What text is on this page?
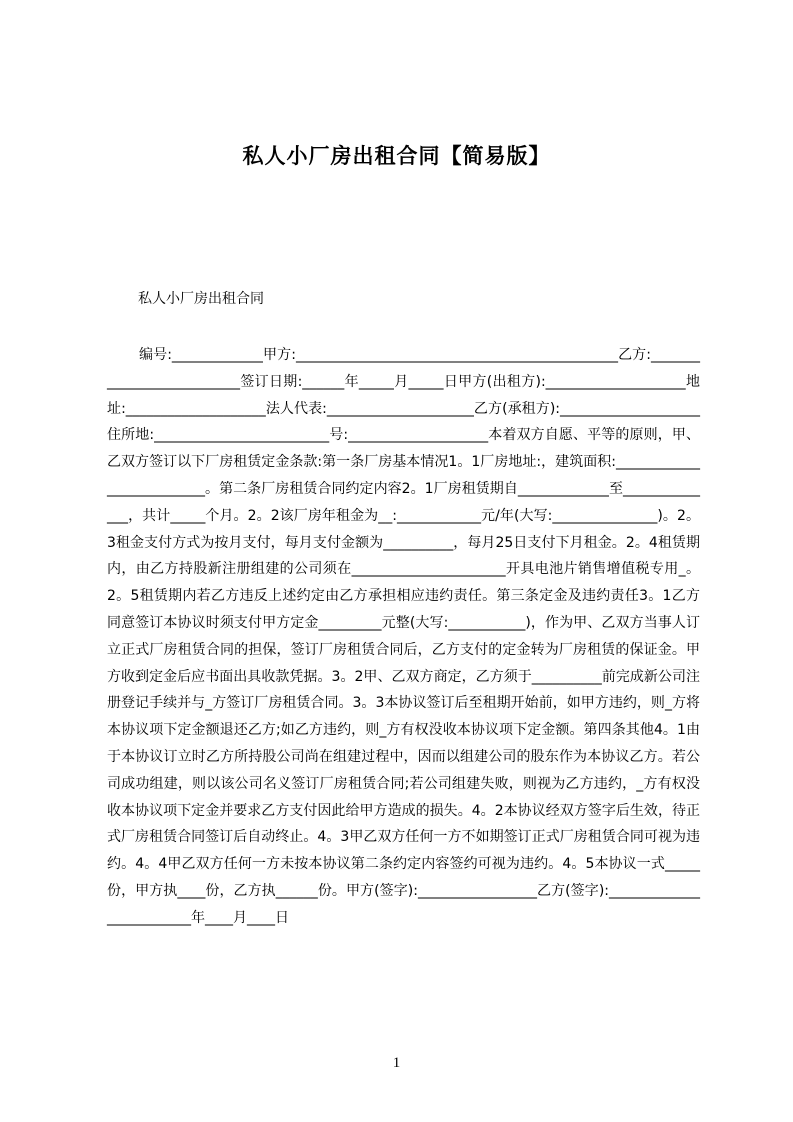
私人小厂房出租合同【简易版】
私人小厂房出租合同
编号:_____________甲方:______________________________________________乙方:__________________________签订日期:______年_____月_____日甲方(出租方):____________________地址:____________________法人代表:_____________________乙方(承租方):____________________住所地:_________________________号:____________________本着双方自愿、平等的原则，甲、乙双方签订以下厂房租赁定金条款:第一条厂房基本情况1。1厂房地址:，建筑面积:__________________________。第二条厂房租赁合同约定内容2。1厂房租赁期自_____________至______________，共计_____个月。2。2该厂房年租金为__:____________元/年(大写:_______________)。2。3租金支付方式为按月支付，每月支付金额为__________，每月25日支付下月租金。2。4租赁期内，由乙方持股新注册组建的公司须在______________________开具电池片销售增值税专用_。2。5租赁期内若乙方违反上述约定由乙方承担相应违约责任。第三条定金及违约责任3。1乙方同意签订本协议时须支付甲方定金_________元整(大写:___________)，作为甲、乙双方当事人订立正式厂房租赁合同的担保，签订厂房租赁合同后，乙方支付的定金转为厂房租赁的保证金。甲方收到定金后应书面出具收款凭据。3。2甲、乙双方商定，乙方须于__________前完成新公司注册登记手续并与_方签订厂房租赁合同。3。3本协议签订后至租期开始前，如甲方违约，则_方将本协议项下定金额退还乙方;如乙方违约，则_方有权没收本协议项下定金额。第四条其他4。1由于本协议订立时乙方所持股公司尚在组建过程中，因而以组建公司的股东作为本协议乙方。若公司成功组建，则以该公司名义签订厂房租赁合同;若公司组建失败，则视为乙方违约，_方有权没收本协议项下定金并要求乙方支付因此给甲方造成的损失。4。2本协议经双方签字后生效，待正式厂房租赁合同签订后自动终止。4。3甲乙双方任何一方不如期签订正式厂房租赁合同可视为违约。4。4甲乙双方任何一方未按本协议第二条约定内容签约可视为违约。4。5本协议一式_____份，甲方执____份，乙方执______份。甲方(签字):_________________乙方(签字):_________________________年____月____日
1
